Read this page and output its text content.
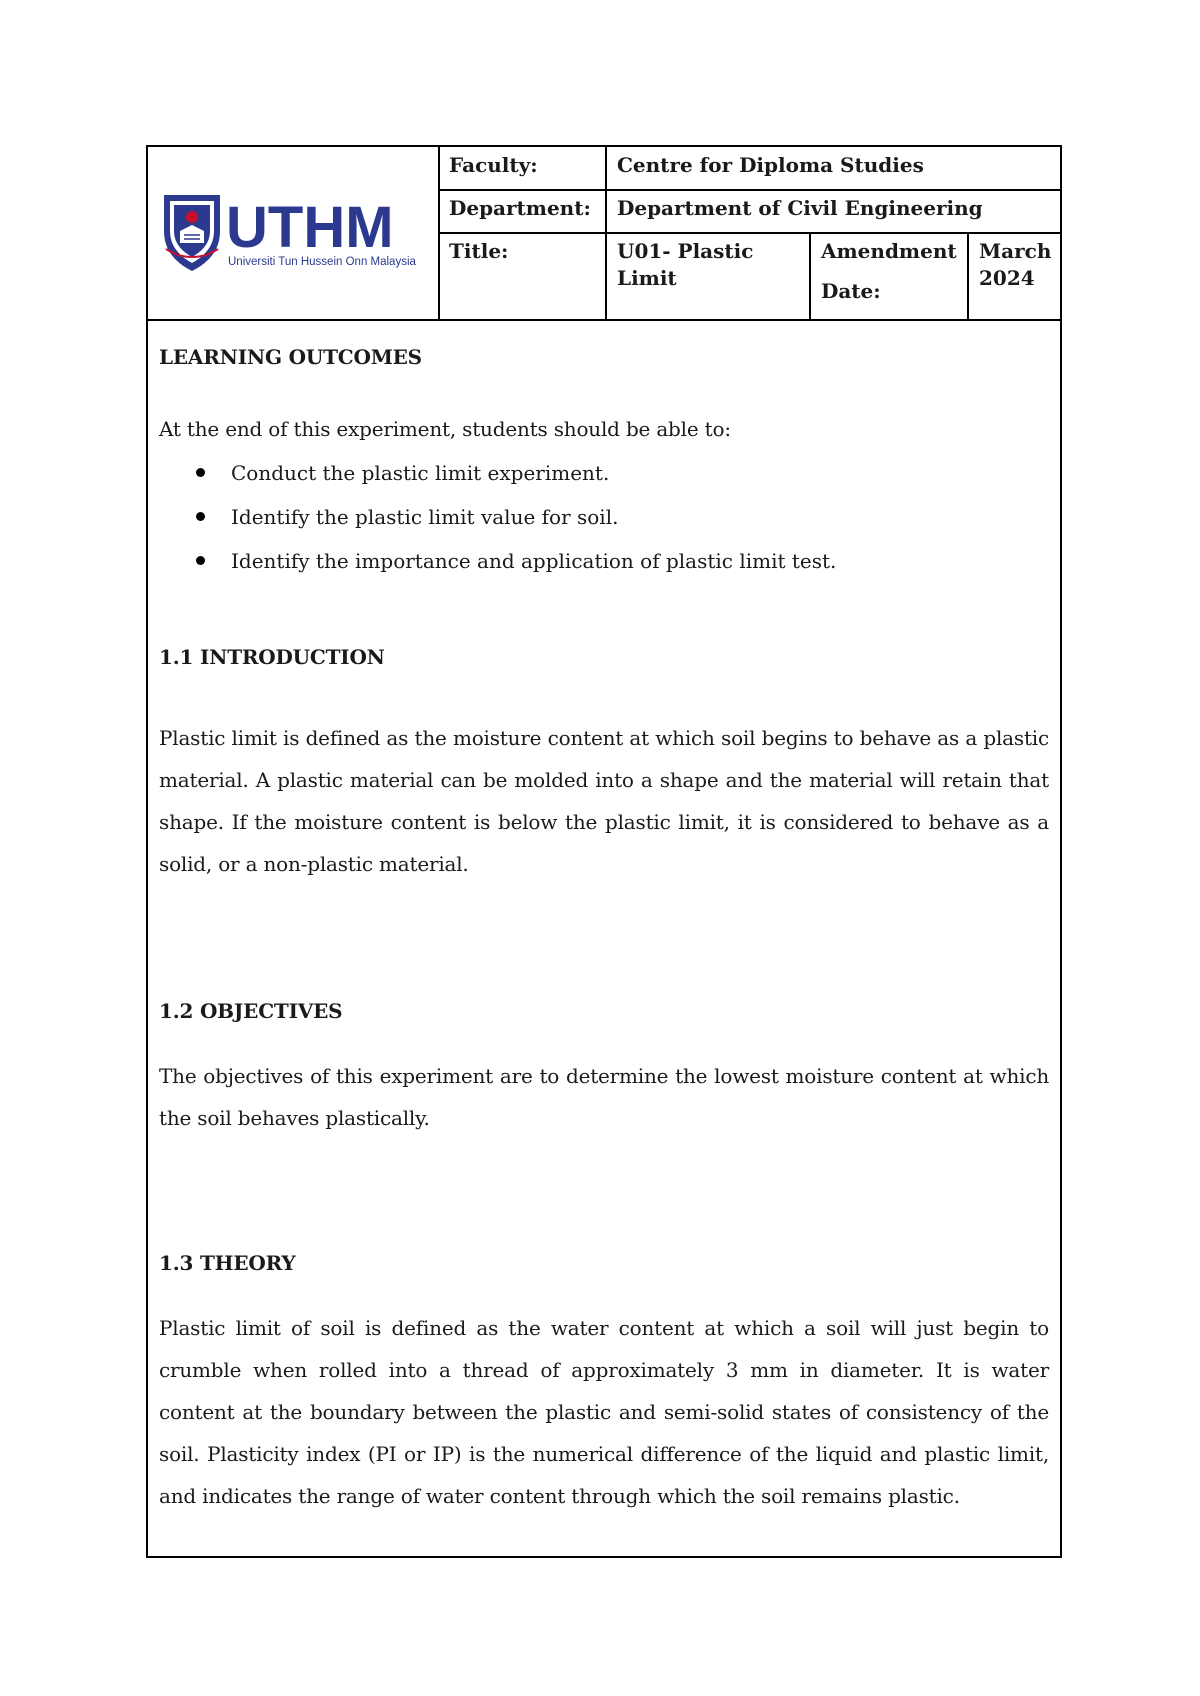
UTHM
Universiti Tun Hussein Onn Malaysia
Faculty:	Centre for Diploma Studies
Department: Department of Civil Engineering
Title:	U01- Plastic Limit
Amendment
Date:
March 2024
LEARNING OUTCOMES
At the end of this experiment, students should be able to:
Conduct the plastic limit experiment.
Identify the plastic limit value for soil.
Identify the importance and application of plastic limit test.
1.1 INTRODUCTION
Plastic limit is defined as the moisture content at which soil begins to behave as a plastic material. A plastic material can be molded into a shape and the material will retain that shape. If the moisture content is below the plastic limit, it is considered to behave as a solid, or a non-plastic material.
1.2 OBJECTIVES
The objectives of this experiment are to determine the lowest moisture content at which the soil behaves plastically.
1.3 THEORY
Plastic limit of soil is defined as the water content at which a soil will just begin to crumble when rolled into a thread of approximately 3 mm in diameter. It is water content at the boundary between the plastic and semi-solid states of consistency of the soil. Plasticity index (PI or IP) is the numerical difference of the liquid and plastic limit, and indicates the range of water content through which the soil remains plastic.
